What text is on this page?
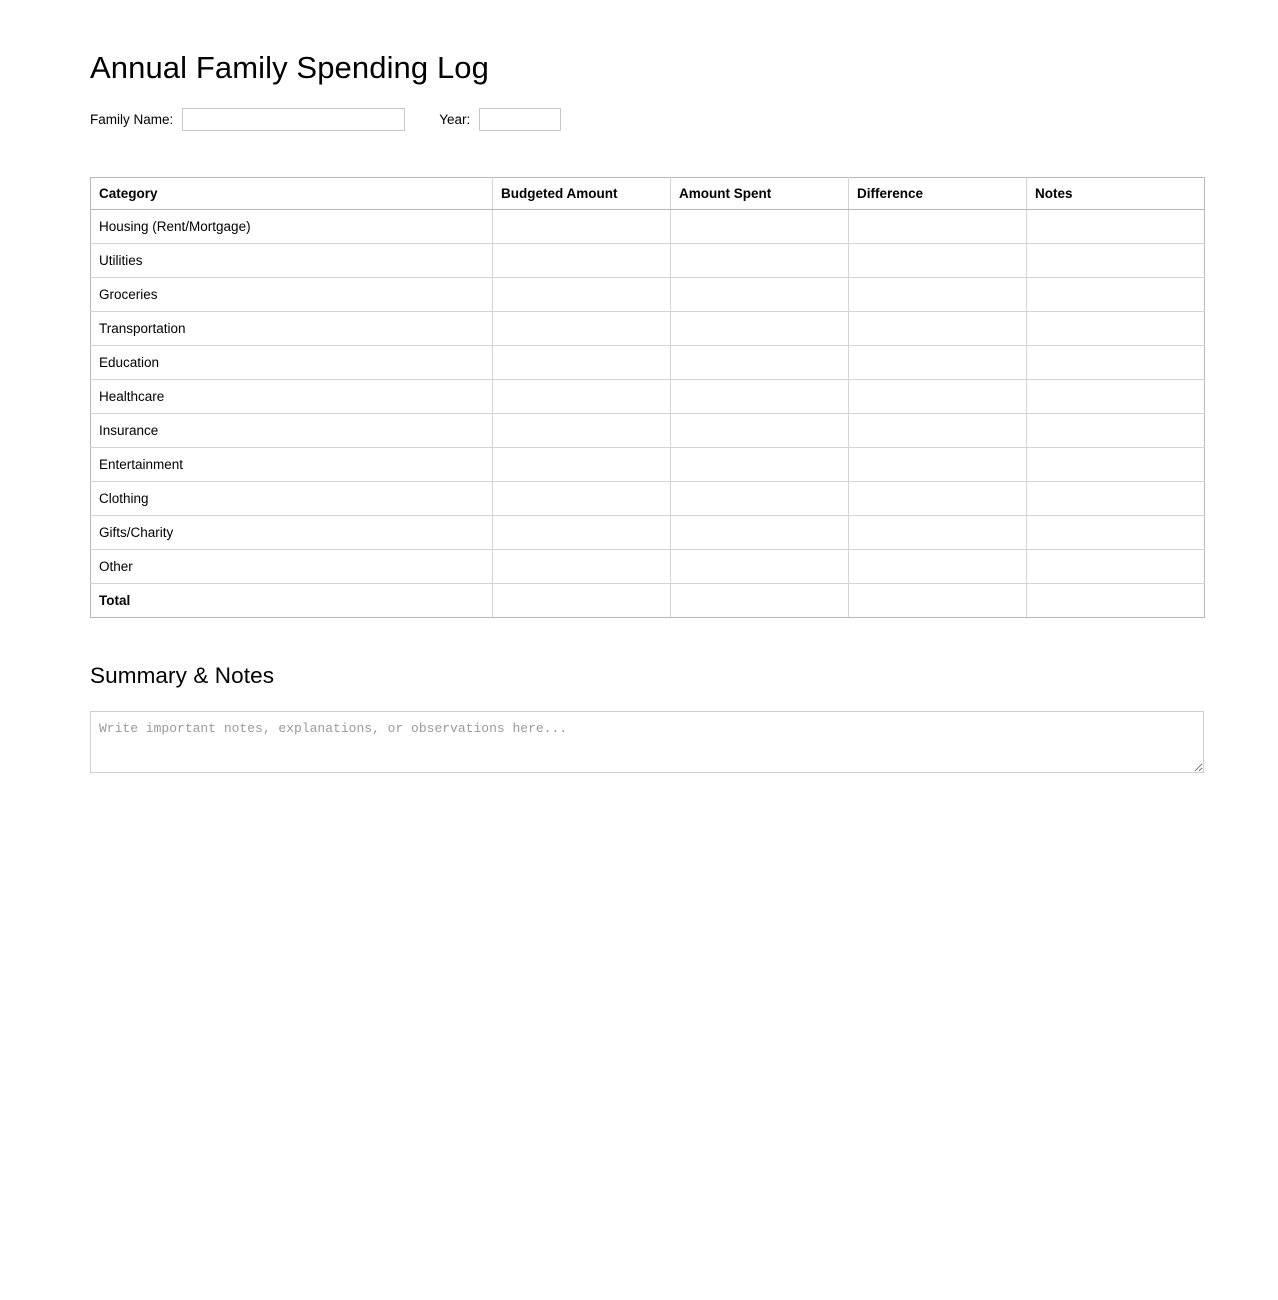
Annual Family Spending Log
Family Name:	Year:
Category	Budgeted Amount	Amount Spent	Difference	Notes
Housing (Rent/Mortgage)				
Utilities				
Groceries				
Transportation				
Education				
Healthcare				
Insurance				
Entertainment				
Clothing				
Gifts/Charity				
Other				
Total				
Summary & Notes
Write important notes, explanations, or observations here...
